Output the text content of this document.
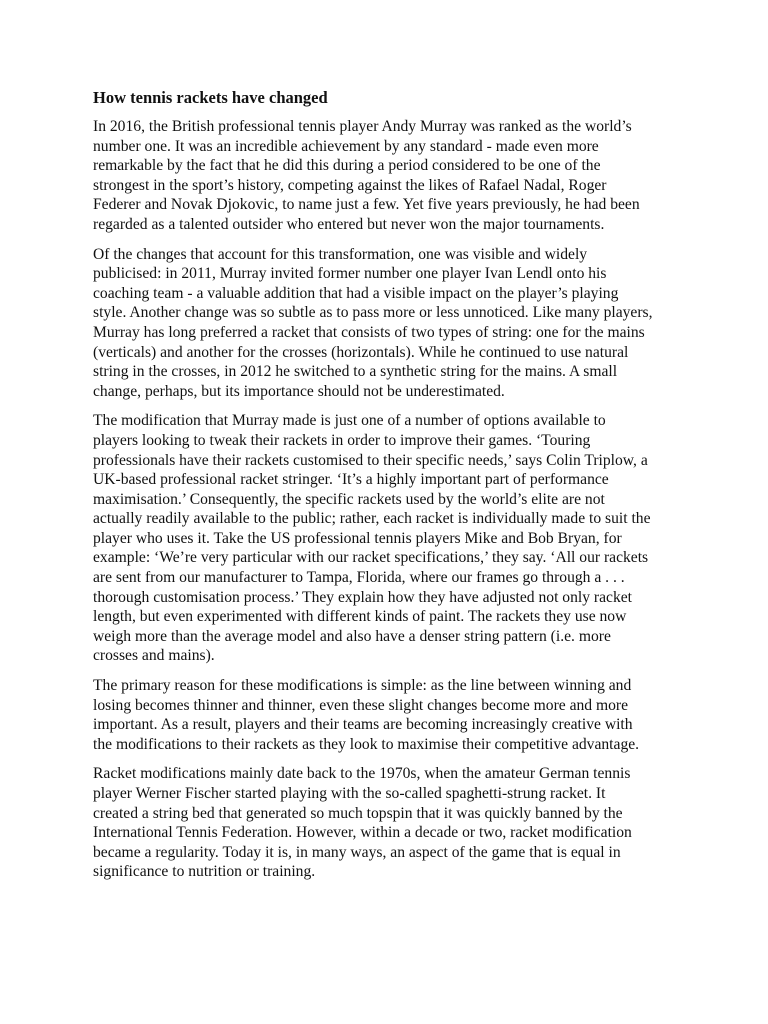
How tennis rackets have changed

In 2016, the British professional tennis player Andy Murray was ranked as the world’s number one. It was an incredible achievement by any standard - made even more remarkable by the fact that he did this during a period considered to be one of the strongest in the sport’s history, competing against the likes of Rafael Nadal, Roger Federer and Novak Djokovic, to name just a few. Yet five years previously, he had been regarded as a talented outsider who entered but never won the major tournaments.

Of the changes that account for this transformation, one was visible and widely publicised: in 2011, Murray invited former number one player Ivan Lendl onto his coaching team - a valuable addition that had a visible impact on the player’s playing style. Another change was so subtle as to pass more or less unnoticed. Like many players, Murray has long preferred a racket that consists of two types of string: one for the mains (verticals) and another for the crosses (horizontals). While he continued to use natural string in the crosses, in 2012 he switched to a synthetic string for the mains. A small change, perhaps, but its importance should not be underestimated.

The modification that Murray made is just one of a number of options available to players looking to tweak their rackets in order to improve their games. ‘Touring professionals have their rackets customised to their specific needs,’ says Colin Triplow, a UK-based professional racket stringer. ‘It’s a highly important part of performance maximisation.’ Consequently, the specific rackets used by the world’s elite are not actually readily available to the public; rather, each racket is individually made to suit the player who uses it. Take the US professional tennis players Mike and Bob Bryan, for example: ‘We’re very particular with our racket specifications,’ they say. ‘All our rackets are sent from our manufacturer to Tampa, Florida, where our frames go through a . . . thorough customisation process.’ They explain how they have adjusted not only racket length, but even experimented with different kinds of paint. The rackets they use now weigh more than the average model and also have a denser string pattern (i.e. more crosses and mains).

The primary reason for these modifications is simple: as the line between winning and losing becomes thinner and thinner, even these slight changes become more and more important. As a result, players and their teams are becoming increasingly creative with the modifications to their rackets as they look to maximise their competitive advantage.

Racket modifications mainly date back to the 1970s, when the amateur German tennis player Werner Fischer started playing with the so-called spaghetti-strung racket. It created a string bed that generated so much topspin that it was quickly banned by the International Tennis Federation. However, within a decade or two, racket modification became a regularity. Today it is, in many ways, an aspect of the game that is equal in significance to nutrition or training.
